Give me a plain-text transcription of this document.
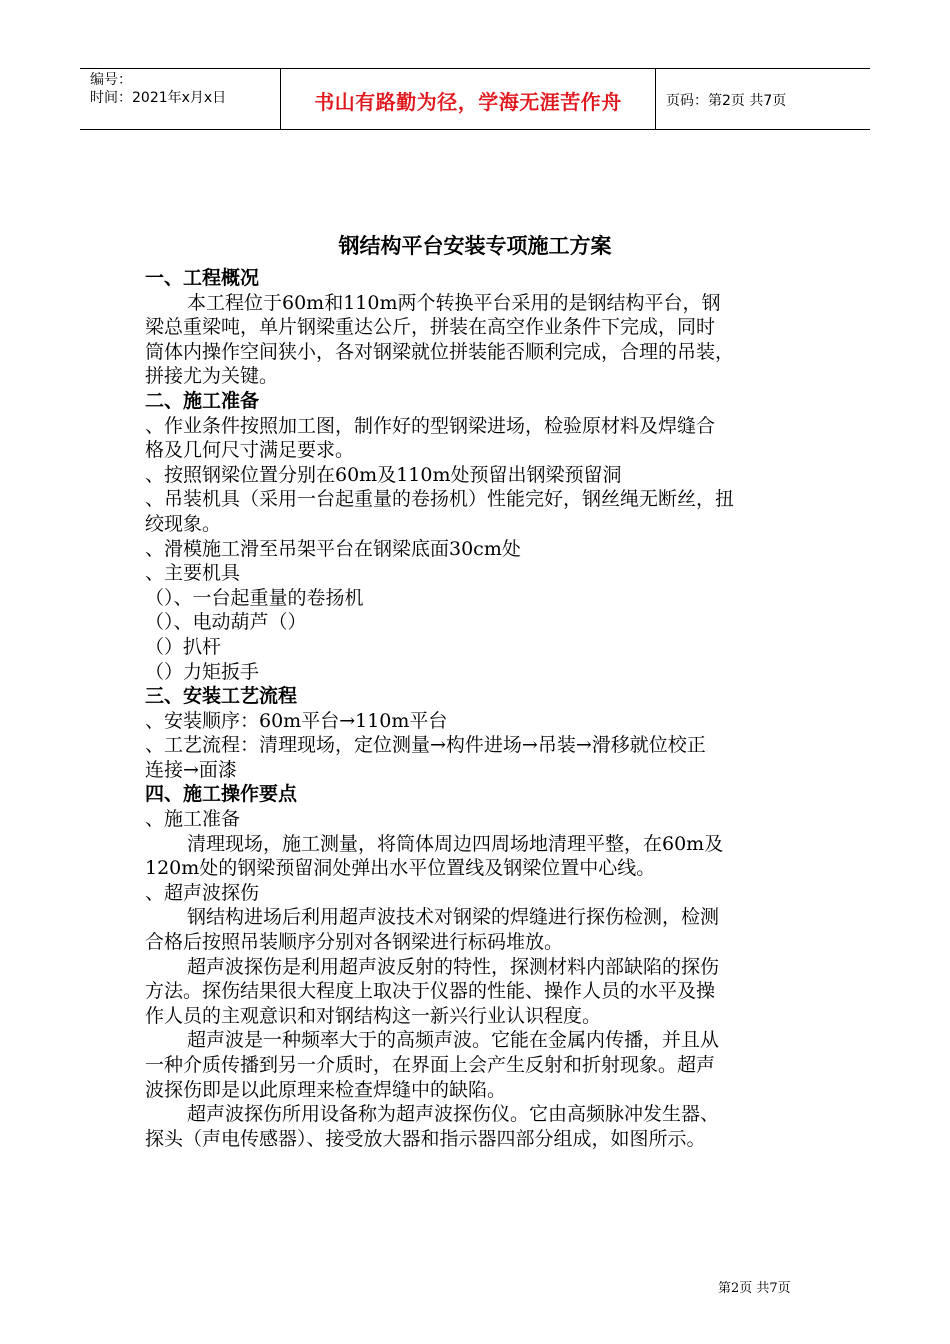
编号：
时间：2021年x月x日	书山有路勤为径，学海无涯苦作舟	页码：第2页 共7页
钢结构平台安装专项施工方案
一、工程概况
本工程位于60m和110m两个转换平台采用的是钢结构平台，钢
梁总重梁吨，单片钢梁重达公斤，拼装在高空作业条件下完成，同时
筒体内操作空间狭小，各对钢梁就位拼装能否顺利完成，合理的吊装，
拼接尤为关键。
二、施工准备
、作业条件按照加工图，制作好的型钢梁进场，检验原材料及焊缝合
格及几何尺寸满足要求。
、按照钢梁位置分别在60m及110m处预留出钢梁预留洞
、吊装机具（采用一台起重量的卷扬机）性能完好，钢丝绳无断丝，扭
绞现象。
、滑模施工滑至吊架平台在钢梁底面30cm处
、主要机具
（）、一台起重量的卷扬机
（）、电动葫芦（）
（）扒杆
（）力矩扳手
三、安装工艺流程
、安装顺序：60m平台→110m平台
、工艺流程：清理现场，定位测量→构件进场→吊装→滑移就位校正
连接→面漆
四、施工操作要点
、施工准备
清理现场，施工测量，将筒体周边四周场地清理平整，在60m及
120m处的钢梁预留洞处弹出水平位置线及钢梁位置中心线。
、超声波探伤
钢结构进场后利用超声波技术对钢梁的焊缝进行探伤检测，检测
合格后按照吊装顺序分别对各钢梁进行标码堆放。
超声波探伤是利用超声波反射的特性，探测材料内部缺陷的探伤
方法。探伤结果很大程度上取决于仪器的性能、操作人员的水平及操
作人员的主观意识和对钢结构这一新兴行业认识程度。
超声波是一种频率大于的高频声波。它能在金属内传播，并且从
一种介质传播到另一介质时，在界面上会产生反射和折射现象。超声
波探伤即是以此原理来检查焊缝中的缺陷。
超声波探伤所用设备称为超声波探伤仪。它由高频脉冲发生器、
探头（声电传感器）、接受放大器和指示器四部分组成，如图所示。
第2页 共7页
